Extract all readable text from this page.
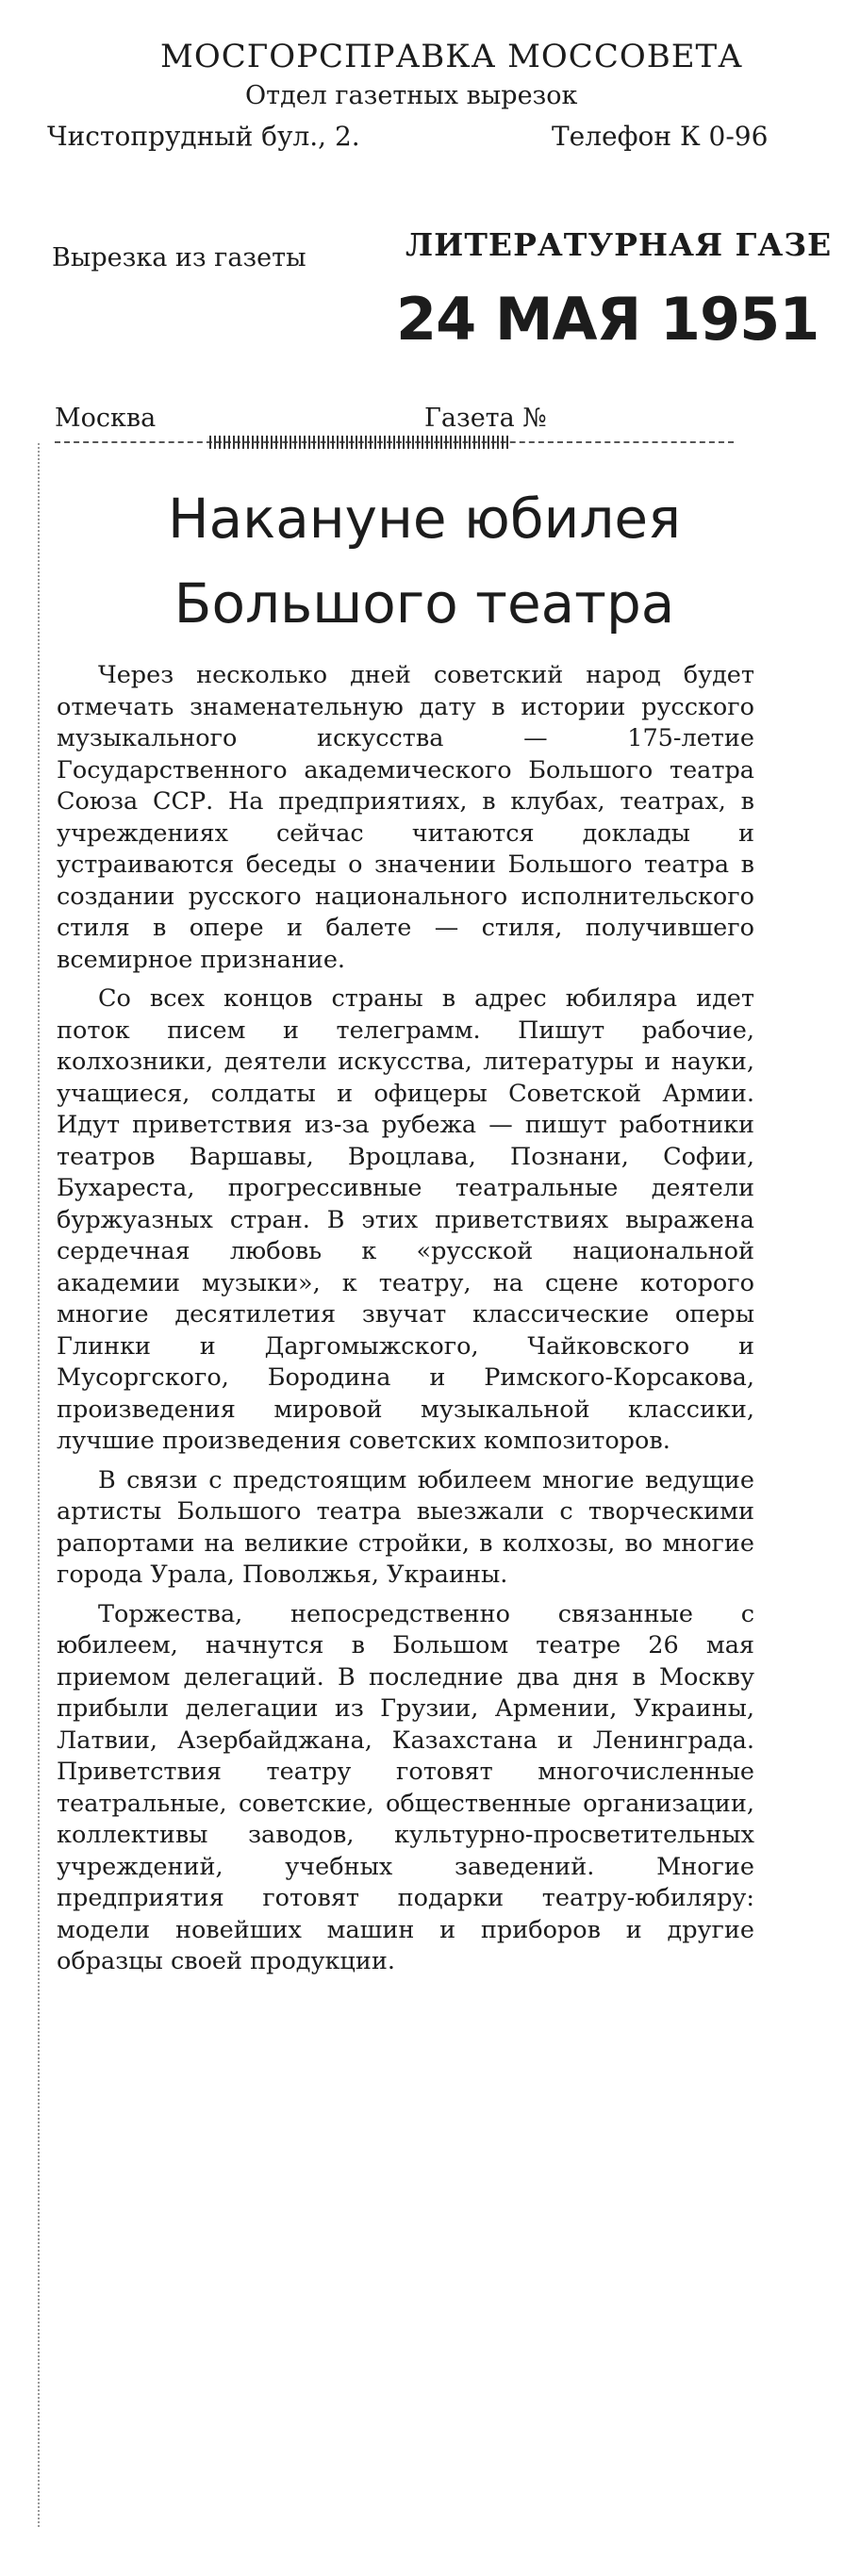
МОСГОРСПРАВКА МОССОВЕТА
Отдел газетных вырезок
Чистопрудный бул., 2.	Телефон К 0-96
Вырезка из газеты	ЛИТЕРАТУРНАЯ ГАЗЕ
24 МАЯ 1951
Москва	Газета №
Накануне юбилея
Большого театра

Через несколько дней советский народ будет отмечать знаменательную дату в истории русского музыкального искусства — 175-летие Государственного академического Большого театра Союза ССР. На предприятиях, в клубах, театрах, в учреждениях сейчас читаются доклады и устраиваются беседы о значении Большого театра в создании русского национального исполнительского стиля в опере и балете — стиля, получившего всемирное признание.

Со всех концов страны в адрес юбиляра идет поток писем и телеграмм. Пишут рабочие, колхозники, деятели искусства, литературы и науки, учащиеся, солдаты и офицеры Советской Армии. Идут приветствия из-за рубежа — пишут работники театров Варшавы, Вроцлава, Познани, Софии, Бухареста, прогрессивные театральные деятели буржуазных стран. В этих приветствиях выражена сердечная любовь к «русской национальной академии музыки», к театру, на сцене которого многие десятилетия звучат классические оперы Глинки и Даргомыжского, Чайковского и Мусоргского, Бородина и Римского-Корсакова, произведения мировой музыкальной классики, лучшие произведения советских композиторов.

В связи с предстоящим юбилеем многие ведущие артисты Большого театра выезжали с творческими рапортами на великие стройки, в колхозы, во многие города Урала, Поволжья, Украины.

Торжества, непосредственно связанные с юбилеем, начнутся в Большом театре 26 мая приемом делегаций. В последние два дня в Москву прибыли делегации из Грузии, Армении, Украины, Латвии, Азербайджана, Казахстана и Ленинграда. Приветствия театру готовят многочисленные театральные, советские, общественные организации, коллективы заводов, культурно-просветительных учреждений, учебных заведений. Многие предприятия готовят подарки театру-юбиляру: модели новейших машин и приборов и другие образцы своей продукции.
